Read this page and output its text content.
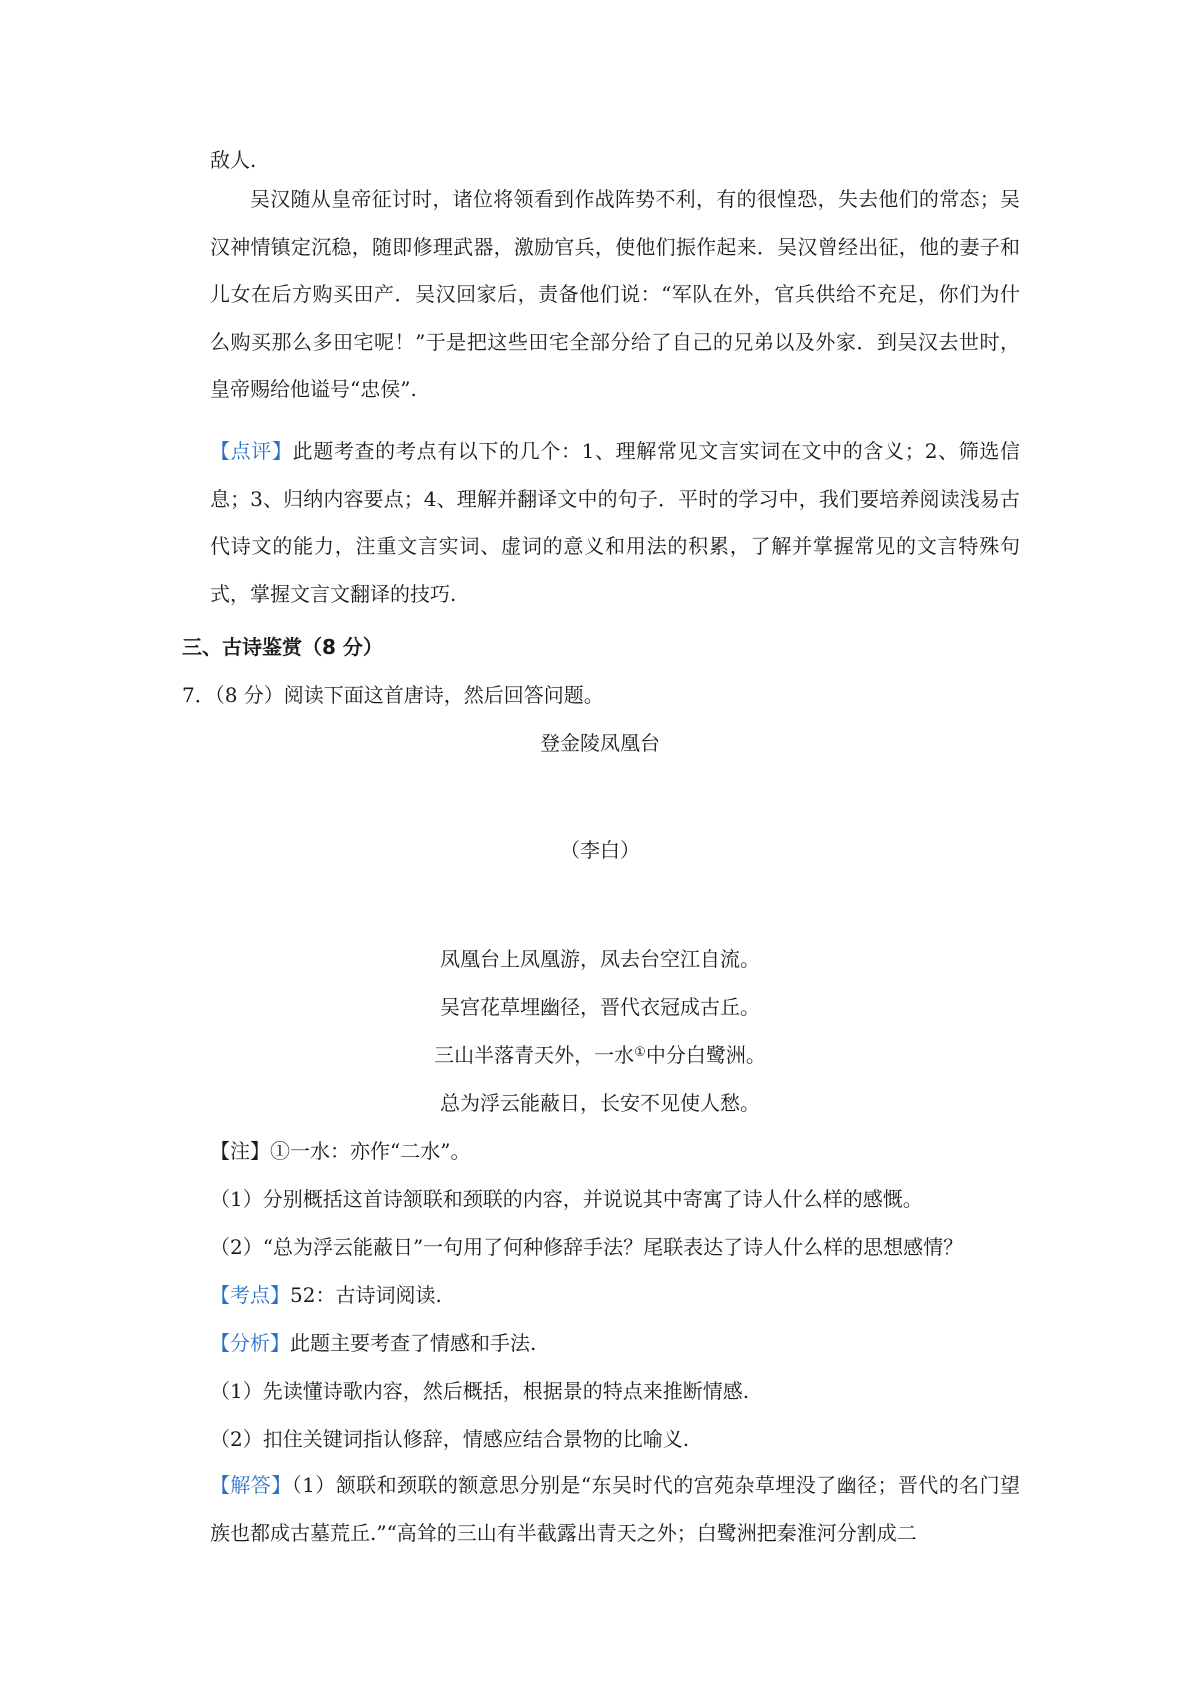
敌人.
吴汉随从皇帝征讨时，诸位将领看到作战阵势不利，有的很惶恐，失去他们的常态；吴汉神情镇定沉稳，随即修理武器，激励官兵，使他们振作起来．吴汉曾经出征，他的妻子和儿女在后方购买田产．吴汉回家后，责备他们说：“军队在外，官兵供给不充足，你们为什么购买那么多田宅呢！”于是把这些田宅全部分给了自己的兄弟以及外家．到吴汉去世时，皇帝赐给他谥号“忠侯”.
【点评】此题考查的考点有以下的几个：1、理解常见文言实词在文中的含义；2、筛选信息；3、归纳内容要点；4、理解并翻译文中的句子．平时的学习中，我们要培养阅读浅易古代诗文的能力，注重文言实词、虚词的意义和用法的积累，了解并掌握常见的文言特殊句式，掌握文言文翻译的技巧.
三、古诗鉴赏（8 分）
7．（8 分）阅读下面这首唐诗，然后回答问题。
登金陵凤凰台
（李白）
凤凰台上凤凰游，凤去台空江自流。
吴宫花草埋幽径，晋代衣冠成古丘。
三山半落青天外，一水①中分白鹭洲。
总为浮云能蔽日，长安不见使人愁。
【注】①一水：亦作“二水”。
（1）分别概括这首诗颔联和颈联的内容，并说说其中寄寓了诗人什么样的感慨。
（2）“总为浮云能蔽日”一句用了何种修辞手法？尾联表达了诗人什么样的思想感情？
【考点】52：古诗词阅读.
【分析】此题主要考查了情感和手法.
（1）先读懂诗歌内容，然后概括，根据景的特点来推断情感.
（2）扣住关键词指认修辞，情感应结合景物的比喻义.
【解答】（1）颔联和颈联的额意思分别是“东吴时代的宫苑杂草埋没了幽径；晋代的名门望族也都成古墓荒丘.”“高耸的三山有半截露出青天之外；白鹭洲把秦淮河分割成二
